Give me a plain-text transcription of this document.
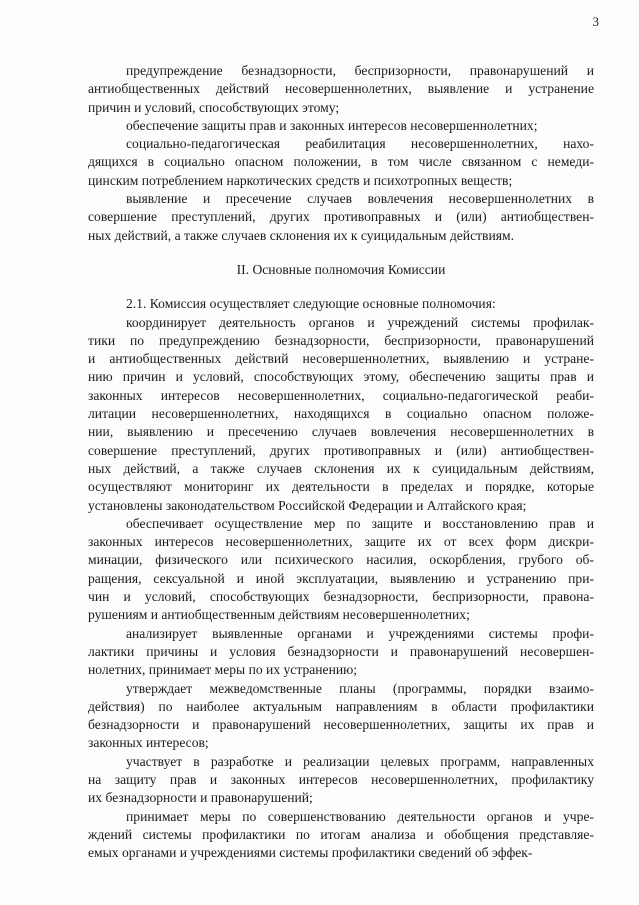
3
предупреждение безнадзорности, беспризорности, правонарушений и
антиобщественных действий несовершеннолетних, выявление и устранение
причин и условий, способствующих этому;
обеспечение защиты прав и законных интересов несовершеннолетних;
социально-педагогическая реабилитация несовершеннолетних, нахо-
дящихся в социально опасном положении, в том числе связанном с немеди-
цинским потреблением наркотических средств и психотропных веществ;
выявление и пресечение случаев вовлечения несовершеннолетних в
совершение преступлений, других противоправных и (или) антиобществен-
ных действий, а также случаев склонения их к суицидальным действиям.
II. Основные полномочия Комиссии
2.1. Комиссия осуществляет следующие основные полномочия:
координирует деятельность органов и учреждений системы профилак-
тики по предупреждению безнадзорности, беспризорности, правонарушений
и антиобщественных действий несовершеннолетних, выявлению и устране-
нию причин и условий, способствующих этому, обеспечению защиты прав и
законных интересов несовершеннолетних, социально-педагогической реаби-
литации несовершеннолетних, находящихся в социально опасном положе-
нии, выявлению и пресечению случаев вовлечения несовершеннолетних в
совершение преступлений, других противоправных и (или) антиобществен-
ных действий, а также случаев склонения их к суицидальным действиям,
осуществляют мониторинг их деятельности в пределах и порядке, которые
установлены законодательством Российской Федерации и Алтайского края;
обеспечивает осуществление мер по защите и восстановлению прав и
законных интересов несовершеннолетних, защите их от всех форм дискри-
минации, физического или психического насилия, оскорбления, грубого об-
ращения, сексуальной и иной эксплуатации, выявлению и устранению при-
чин и условий, способствующих безнадзорности, беспризорности, правона-
рушениям и антиобщественным действиям несовершеннолетних;
анализирует выявленные органами и учреждениями системы профи-
лактики причины и условия безнадзорности и правонарушений несовершен-
нолетних, принимает меры по их устранению;
утверждает межведомственные планы (программы, порядки взаимо-
действия) по наиболее актуальным направлениям в области профилактики
безнадзорности и правонарушений несовершеннолетних, защиты их прав и
законных интересов;
участвует в разработке и реализации целевых программ, направленных
на защиту прав и законных интересов несовершеннолетних, профилактику
их безнадзорности и правонарушений;
принимает меры по совершенствованию деятельности органов и учре-
ждений системы профилактики по итогам анализа и обобщения представляе-
емых органами и учреждениями системы профилактики сведений об эффек-
